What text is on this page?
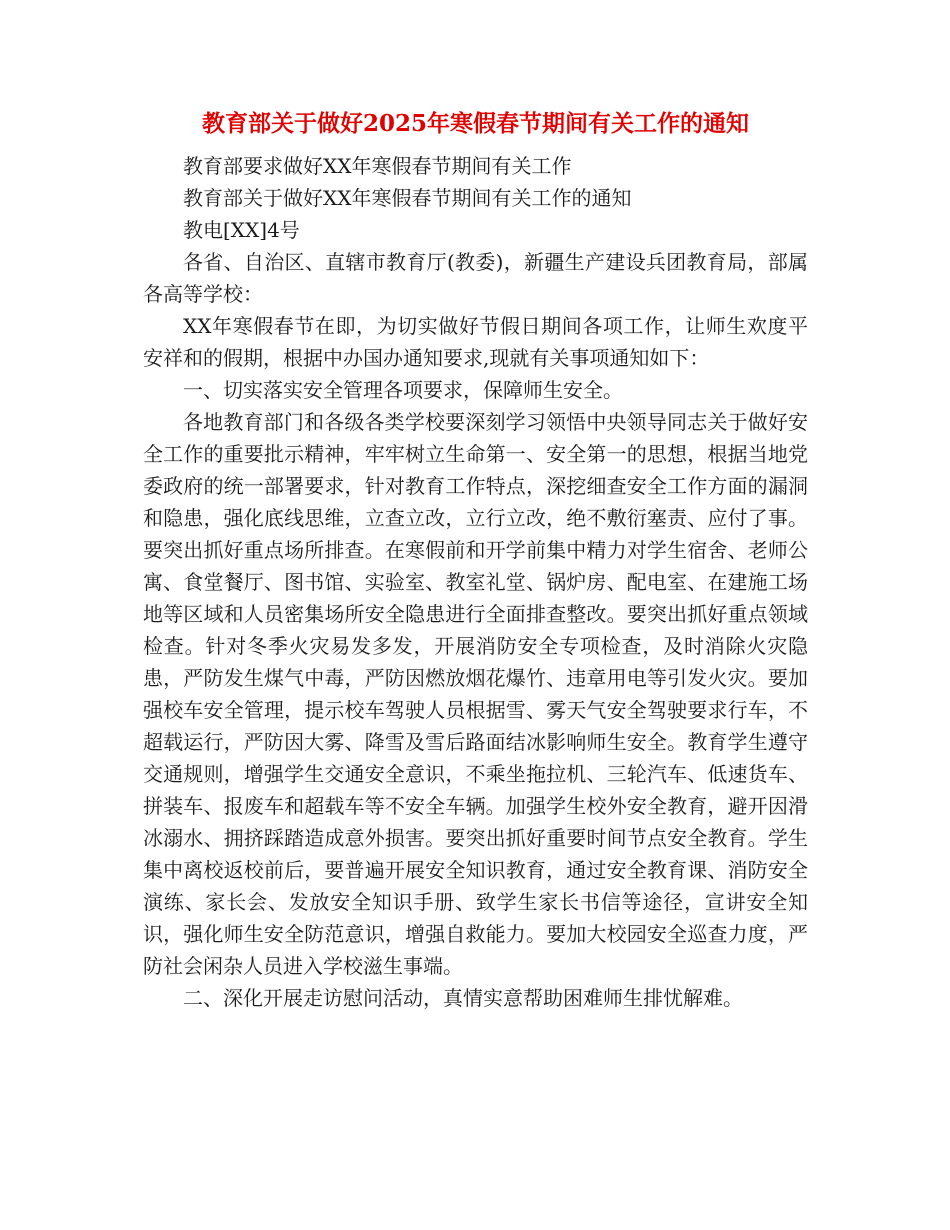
教育部关于做好2025年寒假春节期间有关工作的通知

教育部要求做好XX年寒假春节期间有关工作

教育部关于做好XX年寒假春节期间有关工作的通知

教电[XX]4号

各省、自治区、直辖市教育厅(教委)，新疆生产建设兵团教育局，部属各高等学校：

XX年寒假春节在即，为切实做好节假日期间各项工作，让师生欢度平安祥和的假期，根据中办国办通知要求,现就有关事项通知如下：

一、切实落实安全管理各项要求，保障师生安全。

各地教育部门和各级各类学校要深刻学习领悟中央领导同志关于做好安全工作的重要批示精神，牢牢树立生命第一、安全第一的思想，根据当地党委政府的统一部署要求，针对教育工作特点，深挖细查安全工作方面的漏洞和隐患，强化底线思维，立查立改，立行立改，绝不敷衍塞责、应付了事。要突出抓好重点场所排查。在寒假前和开学前集中精力对学生宿舍、老师公寓、食堂餐厅、图书馆、实验室、教室礼堂、锅炉房、配电室、在建施工场地等区域和人员密集场所安全隐患进行全面排查整改。要突出抓好重点领域检查。针对冬季火灾易发多发，开展消防安全专项检查，及时消除火灾隐患，严防发生煤气中毒，严防因燃放烟花爆竹、违章用电等引发火灾。要加强校车安全管理，提示校车驾驶人员根据雪、雾天气安全驾驶要求行车，不超载运行，严防因大雾、降雪及雪后路面结冰影响师生安全。教育学生遵守交通规则，增强学生交通安全意识，不乘坐拖拉机、三轮汽车、低速货车、拼装车、报废车和超载车等不安全车辆。加强学生校外安全教育，避开因滑冰溺水、拥挤踩踏造成意外损害。要突出抓好重要时间节点安全教育。学生集中离校返校前后，要普遍开展安全知识教育，通过安全教育课、消防安全演练、家长会、发放安全知识手册、致学生家长书信等途径，宣讲安全知识，强化师生安全防范意识，增强自救能力。要加大校园安全巡查力度，严防社会闲杂人员进入学校滋生事端。

二、深化开展走访慰问活动，真情实意帮助困难师生排忧解难。
